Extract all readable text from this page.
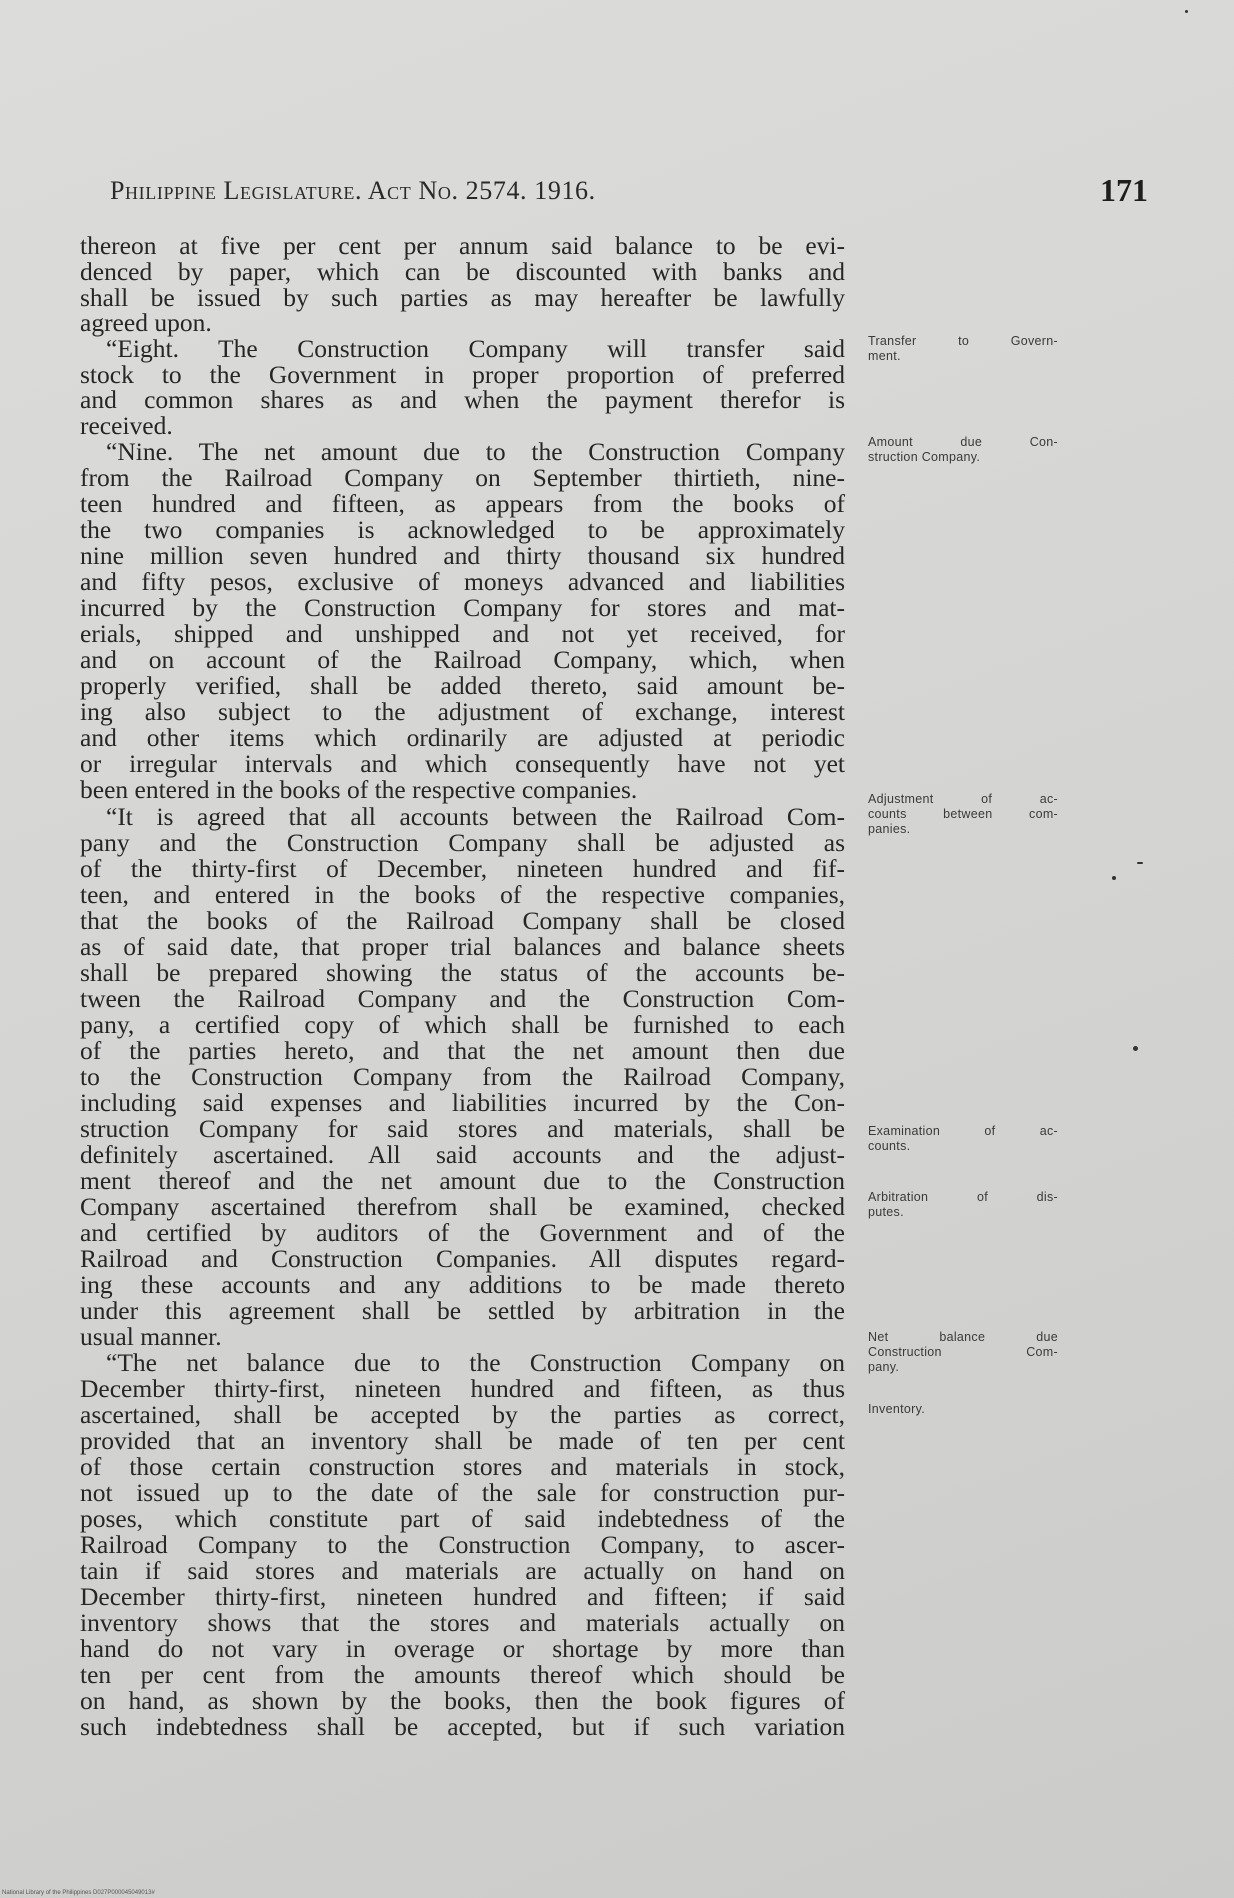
Philippine Legislature. Act No. 2574. 1916.	171
thereon at five per cent per annum said balance to be evi-
denced by paper, which can be discounted with banks and
shall be issued by such parties as may hereafter be lawfully
agreed upon.
“Eight. The Construction Company will transfer said
stock to the Government in proper proportion of preferred
and common shares as and when the payment therefor is
received.
“Nine. The net amount due to the Construction Company
from the Railroad Company on September thirtieth, nine-
teen hundred and fifteen, as appears from the books of
the two companies is acknowledged to be approximately
nine million seven hundred and thirty thousand six hundred
and fifty pesos, exclusive of moneys advanced and liabilities
incurred by the Construction Company for stores and mat-
erials, shipped and unshipped and not yet received, for
and on account of the Railroad Company, which, when
properly verified, shall be added thereto, said amount be-
ing also subject to the adjustment of exchange, interest
and other items which ordinarily are adjusted at periodic
or irregular intervals and which consequently have not yet
been entered in the books of the respective companies.
“It is agreed that all accounts between the Railroad Com-
pany and the Construction Company shall be adjusted as
of the thirty-first of December, nineteen hundred and fif-
teen, and entered in the books of the respective companies,
that the books of the Railroad Company shall be closed
as of said date, that proper trial balances and balance sheets
shall be prepared showing the status of the accounts be-
tween the Railroad Company and the Construction Com-
pany, a certified copy of which shall be furnished to each
of the parties hereto, and that the net amount then due
to the Construction Company from the Railroad Company,
including said expenses and liabilities incurred by the Con-
struction Company for said stores and materials, shall be
definitely ascertained. All said accounts and the adjust-
ment thereof and the net amount due to the Construction
Company ascertained therefrom shall be examined, checked
and certified by auditors of the Government and of the
Railroad and Construction Companies. All disputes regard-
ing these accounts and any additions to be made thereto
under this agreement shall be settled by arbitration in the
usual manner.
“The net balance due to the Construction Company on
December thirty-first, nineteen hundred and fifteen, as thus
ascertained, shall be accepted by the parties as correct,
provided that an inventory shall be made of ten per cent
of those certain construction stores and materials in stock,
not issued up to the date of the sale for construction pur-
poses, which constitute part of said indebtedness of the
Railroad Company to the Construction Company, to ascer-
tain if said stores and materials are actually on hand on
December thirty-first, nineteen hundred and fifteen; if said
inventory shows that the stores and materials actually on
hand do not vary in overage or shortage by more than
ten per cent from the amounts thereof which should be
on hand, as shown by the books, then the book figures of
such indebtedness shall be accepted, but if such variation
Transfer to Govern-
ment.
Amount due Con-
struction Company.
Adjustment of ac-
counts between com-
panies.
Examination of ac-
counts.
Arbitration of dis-
putes.
Net balance due
Construction Com-
pany.
Inventory.
National Library of the Philippines D027P000045049013#
